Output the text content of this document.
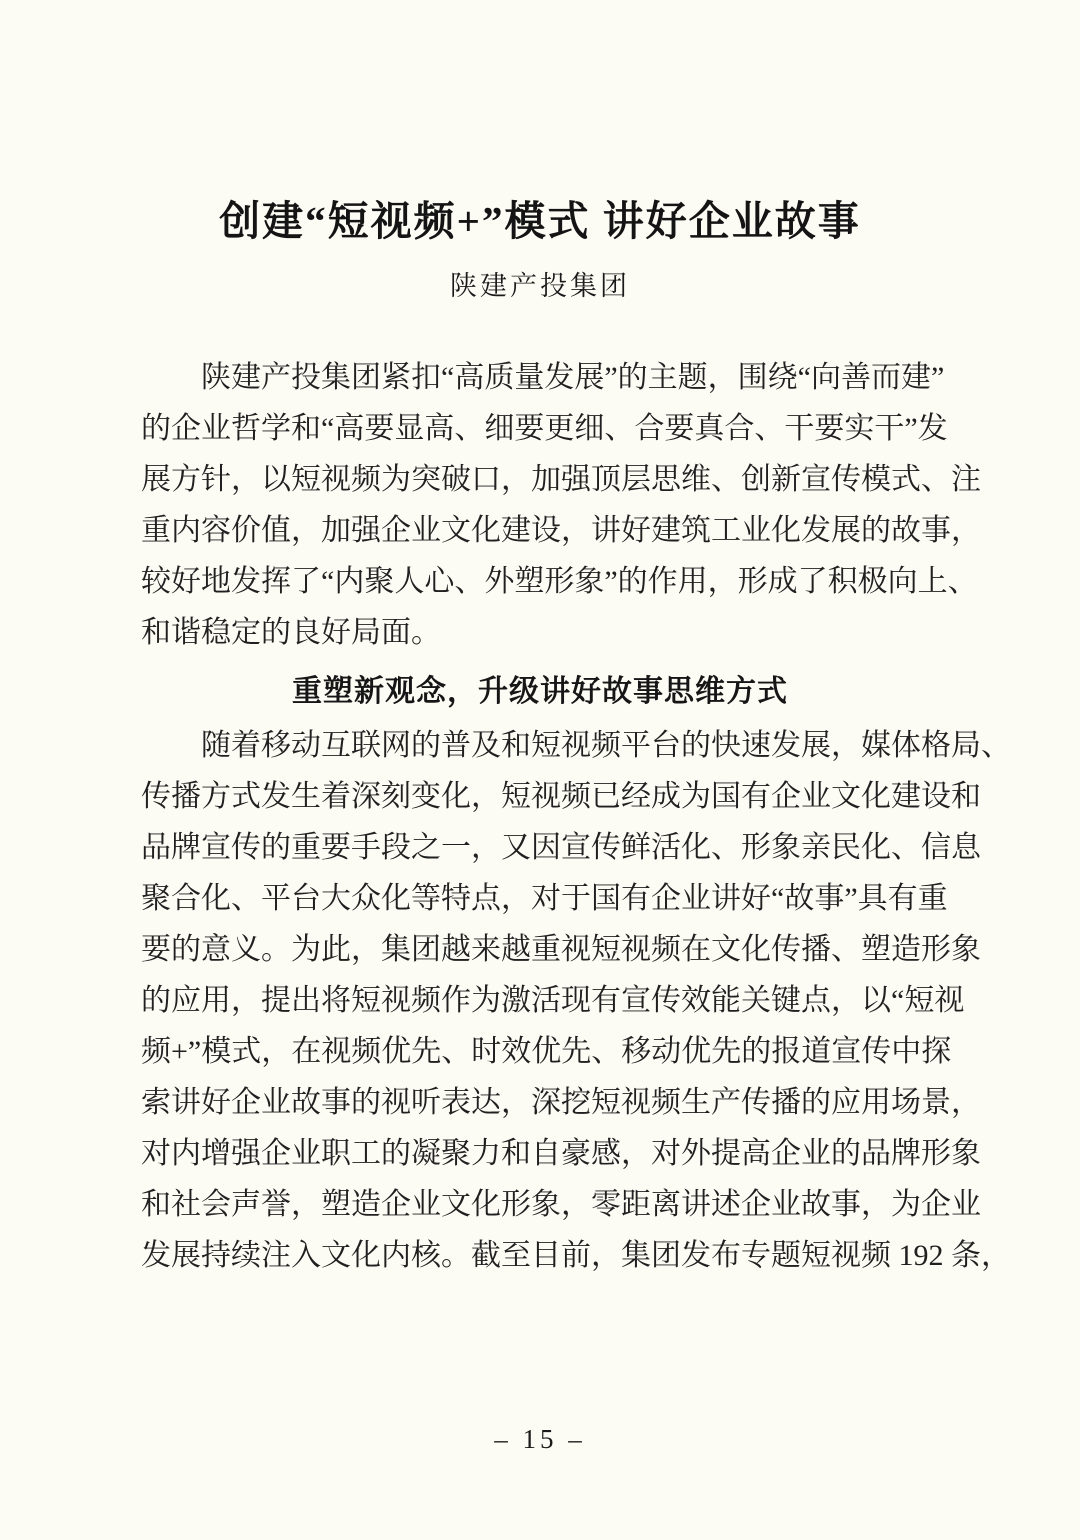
创建“短视频+”模式 讲好企业故事
陕建产投集团
陕建产投集团紧扣“高质量发展”的主题，围绕“向善而建”
的企业哲学和“高要显高、细要更细、合要真合、干要实干”发
展方针，以短视频为突破口，加强顶层思维、创新宣传模式、注
重内容价值，加强企业文化建设，讲好建筑工业化发展的故事，
较好地发挥了“内聚人心、外塑形象”的作用，形成了积极向上、
和谐稳定的良好局面。
重塑新观念，升级讲好故事思维方式
随着移动互联网的普及和短视频平台的快速发展，媒体格局、
传播方式发生着深刻变化，短视频已经成为国有企业文化建设和
品牌宣传的重要手段之一，又因宣传鲜活化、形象亲民化、信息
聚合化、平台大众化等特点，对于国有企业讲好“故事”具有重
要的意义。为此，集团越来越重视短视频在文化传播、塑造形象
的应用，提出将短视频作为激活现有宣传效能关键点，以“短视
频+”模式，在视频优先、时效优先、移动优先的报道宣传中探
索讲好企业故事的视听表达，深挖短视频生产传播的应用场景，
对内增强企业职工的凝聚力和自豪感，对外提高企业的品牌形象
和社会声誉，塑造企业文化形象，零距离讲述企业故事，为企业
发展持续注入文化内核。截至目前，集团发布专题短视频 192 条，
– 15 –
